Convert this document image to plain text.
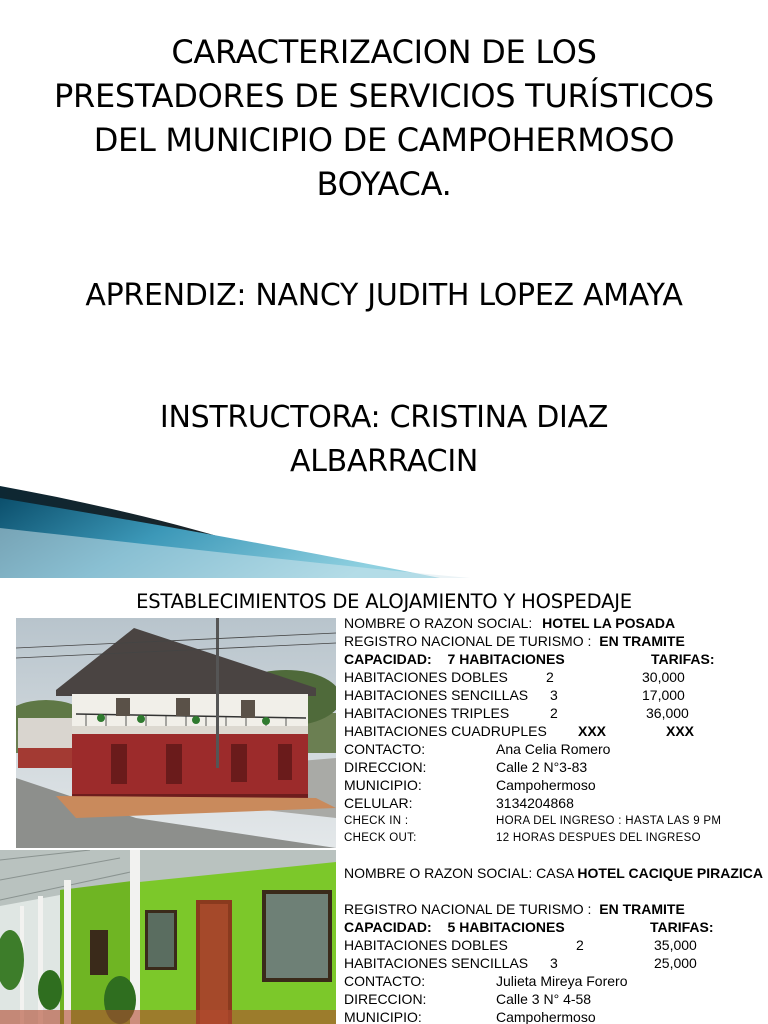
CARACTERIZACION DE LOS
PRESTADORES DE SERVICIOS TURÍSTICOS
DEL MUNICIPIO DE CAMPOHERMOSO
BOYACA.
APRENDIZ: NANCY JUDITH LOPEZ AMAYA
INSTRUCTORA: CRISTINA DIAZ
ALBARRACIN
ESTABLECIMIENTOS DE ALOJAMIENTO Y HOSPEDAJE
NOMBRE O RAZON SOCIAL: HOTEL LA POSADA
REGISTRO NACIONAL DE TURISMO : EN TRAMITE
CAPACIDAD: 7 HABITACIONES	TARIFAS:
HABITACIONES DOBLES	2	30,000
HABITACIONES SENCILLAS 3	17,000
HABITACIONES TRIPLES	2	36,000
HABITACIONES CUADRUPLES XXX	XXX
CONTACTO:	Ana Celia Romero
DIRECCION:	Calle 2 N°3-83
MUNICIPIO:	Campohermoso
CELULAR:	3134204868
CHECK IN :	HORA DEL INGRESO : HASTA LAS 9 PM
CHECK OUT:	12 HORAS DESPUES DEL INGRESO
NOMBRE O RAZON SOCIAL: CASA HOTEL CACIQUE PIRAZICA
REGISTRO NACIONAL DE TURISMO : EN TRAMITE
CAPACIDAD: 5 HABITACIONES	TARIFAS:
HABITACIONES DOBLES	2	35,000
HABITACIONES SENCILLAS 3	25,000
CONTACTO:	Julieta Mireya Forero
DIRECCION:	Calle 3 N° 4-58
MUNICIPIO:	Campohermoso
